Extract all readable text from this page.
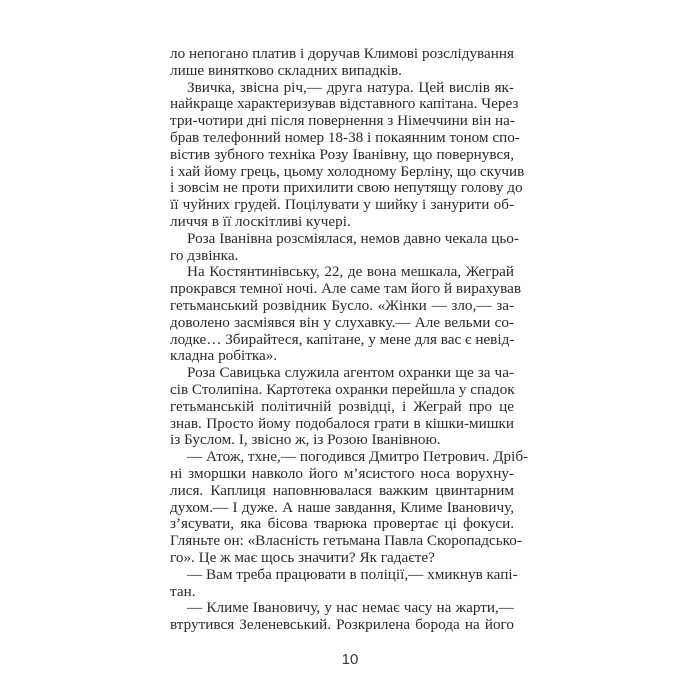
ло непогано платив і доручав Климові розслідування
лише винятково складних випадків.
Звичка, звісна річ,— друга натура. Цей вислів як-
найкраще характеризував відставного капітана. Через
три-чотири дні після повернення з Німеччини він на-
брав телефонний номер 18-38 і покаянним тоном спо-
вістив зубного техніка Розу Іванівну, що повернувся,
і хай йому грець, цьому холодному Берліну, що скучив
і зовсім не проти прихилити свою непутящу голову до
її чуйних грудей. Поцілувати у шийку і занурити об-
личчя в її лоскітливі кучері.
Роза Іванівна розсміялася, немов давно чекала цьо-
го дзвінка.
На Костянтинівську, 22, де вона мешкала, Жеграй
прокрався темної ночі. Але саме там його й вирахував
гетьманський розвідник Бусло. «Жінки — зло,— за-
доволено засміявся він у слухавку.— Але вельми со-
лодке… Збирайтеся, капітане, у мене для вас є невід-
кладна робітка».
Роза Савицька служила агентом охранки ще за ча-
сів Столипіна. Картотека охранки перейшла у спадок
гетьманській політичній розвідці, і Жеграй про це
знав. Просто йому подобалося грати в кішки-мишки
із Буслом. І, звісно ж, із Розою Іванівною.
— Атож, тхне,— погодився Дмитро Петрович. Дріб-
ні зморшки навколо його м’ясистого носа ворухну-
лися. Каплиця наповнювалася важким цвинтарним
духом.— І дуже. А наше завдання, Климе Івановичу,
з’ясувати, яка бісова тварюка провертає ці фокуси.
Гляньте он: «Власність гетьмана Павла Скоропадсько-
го». Це ж має щось значити? Як гадаєте?
— Вам треба працювати в поліції,— хмикнув капі-
тан.
— Климе Івановичу, у нас немає часу на жарти,—
втрутився Зеленевський. Розкрилена борода на його
10
